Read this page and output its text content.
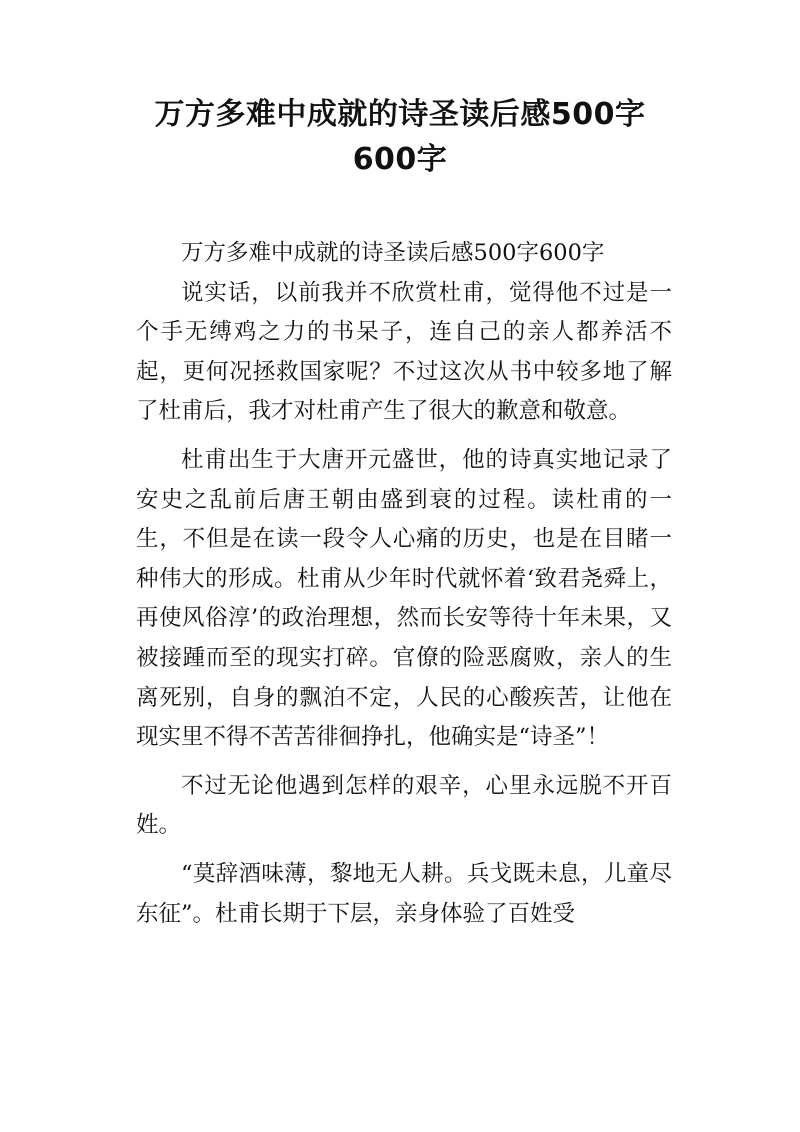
万方多难中成就的诗圣读后感500字
600字

万方多难中成就的诗圣读后感500字600字

说实话，以前我并不欣赏杜甫，觉得他不过是一个手无缚鸡之力的书呆子，连自己的亲人都养活不起，更何况拯救国家呢？不过这次从书中较多地了解了杜甫后，我才对杜甫产生了很大的歉意和敬意。

杜甫出生于大唐开元盛世，他的诗真实地记录了安史之乱前后唐王朝由盛到衰的过程。读杜甫的一生，不但是在读一段令人心痛的历史，也是在目睹一种伟大的形成。杜甫从少年时代就怀着‘致君尧舜上，再使风俗淳’的政治理想，然而长安等待十年未果，又被接踵而至的现实打碎。官僚的险恶腐败，亲人的生离死别，自身的飘泊不定，人民的心酸疾苦，让他在现实里不得不苦苦徘徊挣扎，他确实是“诗圣”！

不过无论他遇到怎样的艰辛，心里永远脱不开百姓。

“莫辞酒味薄，黎地无人耕。兵戈既未息，儿童尽东征”。杜甫长期于下层，亲身体验了百姓受
